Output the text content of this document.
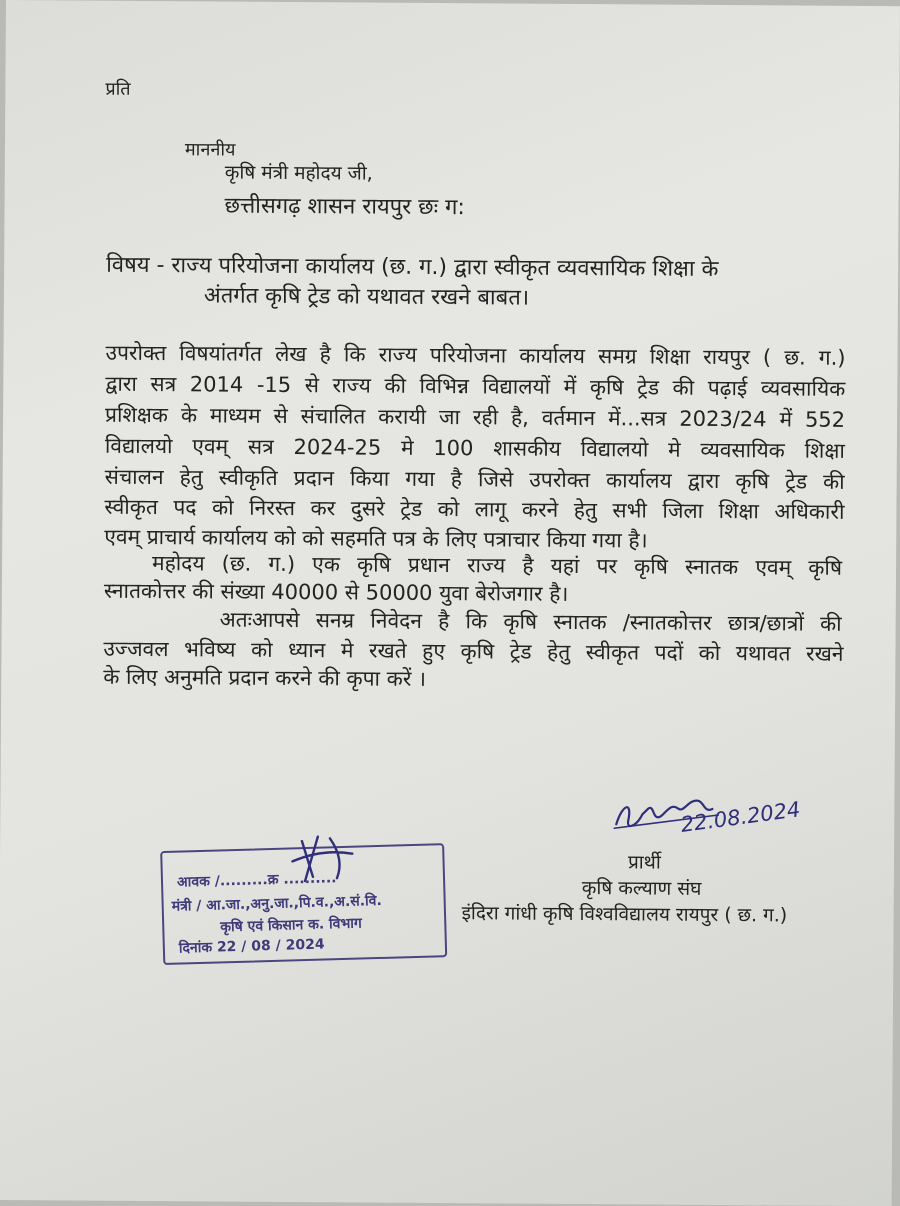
प्रति
माननीय
कृषि मंत्री महोदय जी,
छत्तीसगढ़ शासन रायपुर छः ग:
विषय - राज्य परियोजना कार्यालय (छ. ग.) द्वारा स्वीकृत व्यवसायिक शिक्षा के
अंतर्गत कृषि ट्रेड को यथावत रखने बाबत।
उपरोक्त विषयांतर्गत लेख है कि राज्य परियोजना कार्यालय समग्र शिक्षा रायपुर ( छ. ग.)
द्वारा सत्र 2014 -15 से राज्य की विभिन्न विद्यालयों में कृषि ट्रेड की पढ़ाई व्यवसायिक
प्रशिक्षक के माध्यम से संचालित करायी जा रही है, वर्तमान में...सत्र 2023/24 में 552
विद्यालयो एवम् सत्र 2024-25 मे 100 शासकीय विद्यालयो मे व्यवसायिक शिक्षा
संचालन हेतु स्वीकृति प्रदान किया गया है जिसे उपरोक्त कार्यालय द्वारा कृषि ट्रेड की
स्वीकृत पद को निरस्त कर दुसरे ट्रेड को लागू करने हेतु सभी जिला शिक्षा अधिकारी
एवम् प्राचार्य कार्यालय को को सहमति पत्र के लिए पत्राचार किया गया है।
महोदय (छ. ग.) एक कृषि प्रधान राज्य है यहां पर कृषि स्नातक एवम् कृषि
स्नातकोत्तर की संख्या 40000 से 50000 युवा बेरोजगार है।
अतःआपसे सनम्र निवेदन है कि कृषि स्नातक /स्नातकोत्तर छात्र/छात्रों की
उज्जवल भविष्य को ध्यान मे रखते हुए कृषि ट्रेड हेतु स्वीकृत पदों को यथावत रखने
के लिए अनुमति प्रदान करने की कृपा करें ।
22.08.2024
प्रार्थी
कृषि कल्याण संघ
इंदिरा गांधी कृषि विश्वविद्यालय रायपुर ( छ. ग.)
आवक /.........क्र ..........
मंत्री / आ.जा.,अनु.जा.,पि.व.,अ.सं.वि.
कृषि एवं किसान क. विभाग
दिनांक 22 / 08 / 2024
